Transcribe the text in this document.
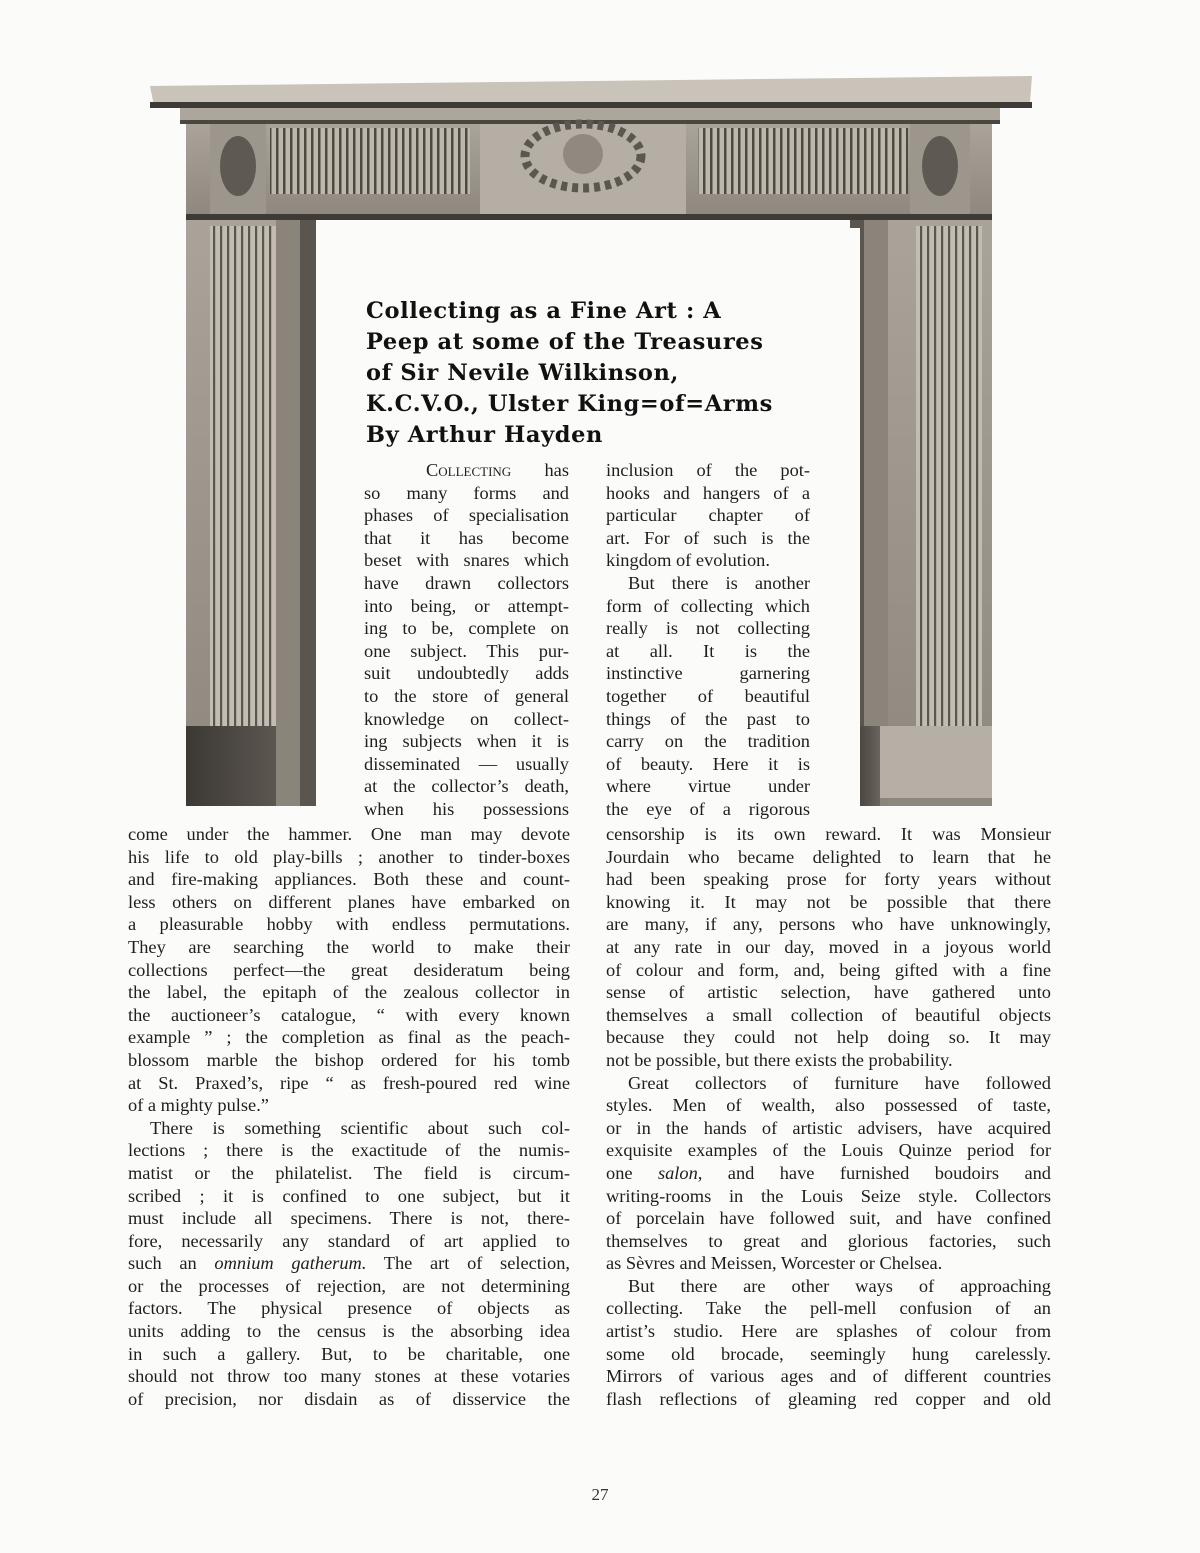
Collecting as a Fine Art : A
Peep at some of the Treasures
of Sir Nevile Wilkinson,
K.C.V.O., Ulster King=of=Arms
By Arthur Hayden

Collecting has

so many forms and

phases of specialisation

that it has become

beset with snares which

have drawn collectors

into being, or attempt-

ing to be, complete on

one subject. This pur-

suit undoubtedly adds

to the store of general

knowledge on collect-

ing subjects when it is

disseminated — usually

at the collector’s death,

when his possessions

inclusion of the pot-

hooks and hangers of a

particular chapter of

art. For of such is the

kingdom of evolution.

But there is another

form of collecting which

really is not collecting

at all. It is the

instinctive garnering

together of beautiful

things of the past to

carry on the tradition

of beauty. Here it is

where virtue under

the eye of a rigorous

come under the hammer. One man may devote

his life to old play-bills ; another to tinder-boxes

and fire-making appliances. Both these and count-

less others on different planes have embarked on

a pleasurable hobby with endless permutations.

They are searching the world to make their

collections perfect—the great desideratum being

the label, the epitaph of the zealous collector in

the auctioneer’s catalogue, “ with every known

example ” ; the completion as final as the peach-

blossom marble the bishop ordered for his tomb

at St. Praxed’s, ripe “ as fresh-poured red wine

of a mighty pulse.”

There is something scientific about such col-

lections ; there is the exactitude of the numis-

matist or the philatelist. The field is circum-

scribed ; it is confined to one subject, but it

must include all specimens. There is not, there-

fore, necessarily any standard of art applied to

such an omnium gatherum. The art of selection,

or the processes of rejection, are not determining

factors. The physical presence of objects as

units adding to the census is the absorbing idea

in such a gallery. But, to be charitable, one

should not throw too many stones at these votaries

of precision, nor disdain as of disservice the

censorship is its own reward. It was Monsieur

Jourdain who became delighted to learn that he

had been speaking prose for forty years without

knowing it. It may not be possible that there

are many, if any, persons who have unknowingly,

at any rate in our day, moved in a joyous world

of colour and form, and, being gifted with a fine

sense of artistic selection, have gathered unto

themselves a small collection of beautiful objects

because they could not help doing so. It may

not be possible, but there exists the probability.

Great collectors of furniture have followed

styles. Men of wealth, also possessed of taste,

or in the hands of artistic advisers, have acquired

exquisite examples of the Louis Quinze period for

one salon, and have furnished boudoirs and

writing-rooms in the Louis Seize style. Collectors

of porcelain have followed suit, and have confined

themselves to great and glorious factories, such

as Sèvres and Meissen, Worcester or Chelsea.

But there are other ways of approaching

collecting. Take the pell-mell confusion of an

artist’s studio. Here are splashes of colour from

some old brocade, seemingly hung carelessly.

Mirrors of various ages and of different countries

flash reflections of gleaming red copper and old

27
